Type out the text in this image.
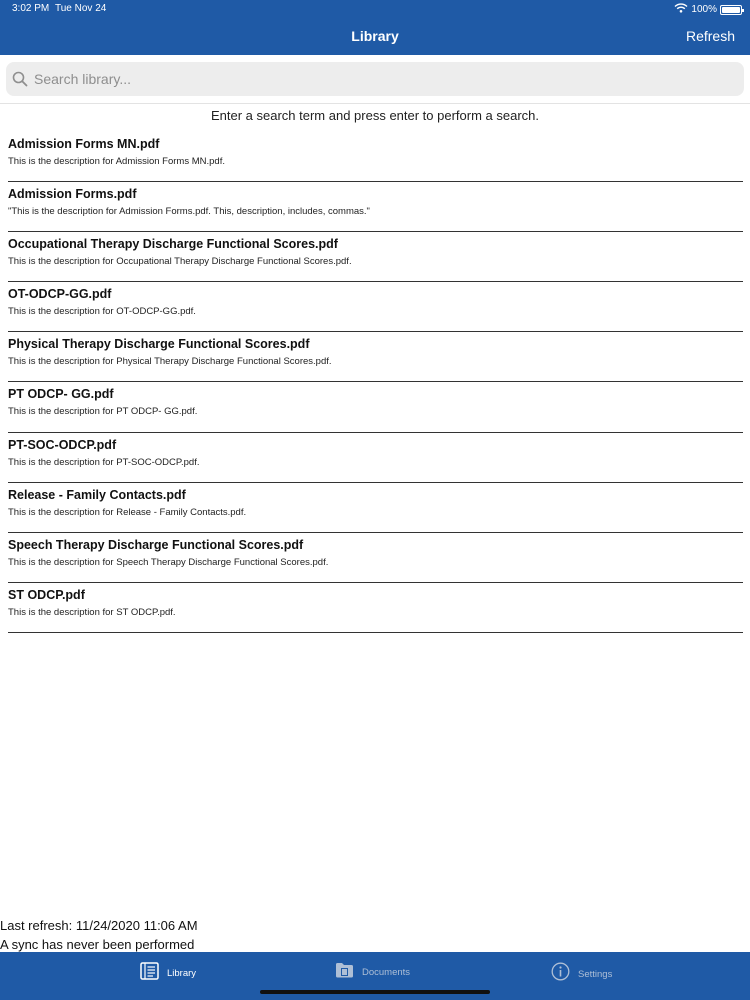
3:02 PM Tue Nov 24	100%
Library	Refresh
Search library...
Enter a search term and press enter to perform a search.
Admission Forms MN.pdf
This is the description for Admission Forms MN.pdf.
Admission Forms.pdf
"This is the description for Admission Forms.pdf. This, description, includes, commas."
Occupational Therapy Discharge Functional Scores.pdf
This is the description for Occupational Therapy Discharge Functional Scores.pdf.
OT-ODCP-GG.pdf
This is the description for OT-ODCP-GG.pdf.
Physical Therapy Discharge Functional Scores.pdf
This is the description for Physical Therapy Discharge Functional Scores.pdf.
PT ODCP- GG.pdf
This is the description for PT ODCP- GG.pdf.
PT-SOC-ODCP.pdf
This is the description for PT-SOC-ODCP.pdf.
Release - Family Contacts.pdf
This is the description for Release - Family Contacts.pdf.
Speech Therapy Discharge Functional Scores.pdf
This is the description for Speech Therapy Discharge Functional Scores.pdf.
ST ODCP.pdf
This is the description for ST ODCP.pdf.
Last refresh: 11/24/2020 11:06 AM
A sync has never been performed
Library	Documents	Settings
